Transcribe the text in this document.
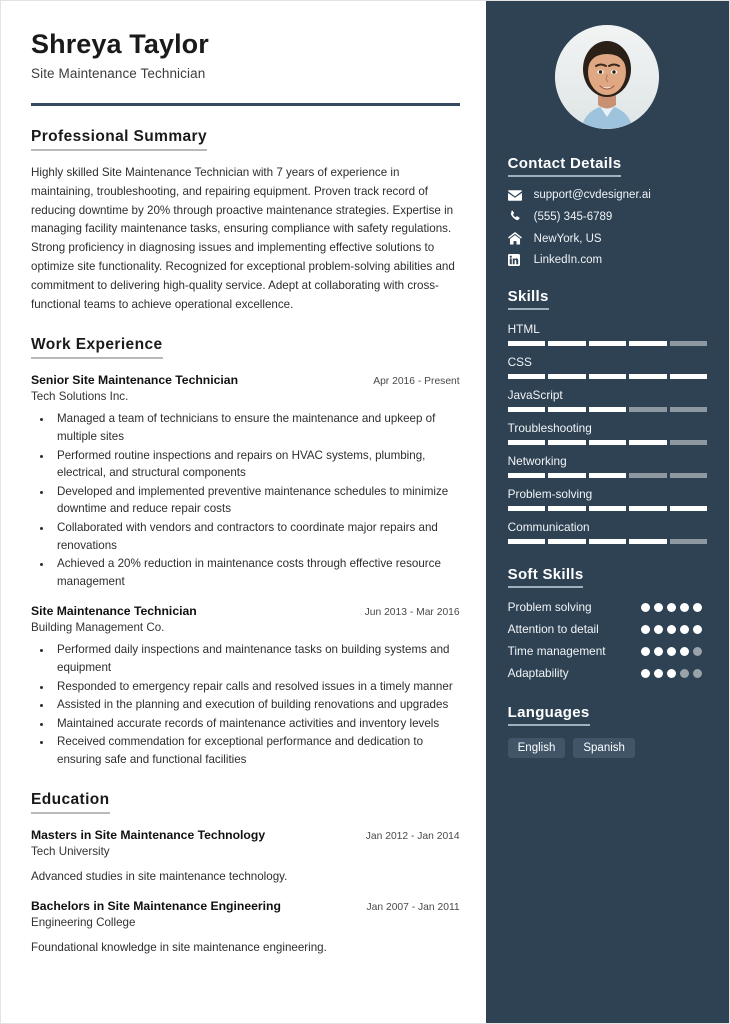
Shreya Taylor
Site Maintenance Technician
Professional Summary

Highly skilled Site Maintenance Technician with 7 years of experience in maintaining, troubleshooting, and repairing equipment. Proven track record of reducing downtime by 20% through proactive maintenance strategies. Expertise in managing facility maintenance tasks, ensuring compliance with safety regulations. Strong proficiency in diagnosing issues and implementing effective solutions to optimize site functionality. Recognized for exceptional problem-solving abilities and commitment to delivering high-quality service. Adept at collaborating with cross-functional teams to achieve operational excellence.

Work Experience
Senior Site Maintenance Technician	Apr 2016 - Present
Tech Solutions Inc.
• Managed a team of technicians to ensure the maintenance and upkeep of multiple sites
• Performed routine inspections and repairs on HVAC systems, plumbing, electrical, and structural components
• Developed and implemented preventive maintenance schedules to minimize downtime and reduce repair costs
• Collaborated with vendors and contractors to coordinate major repairs and renovations
• Achieved a 20% reduction in maintenance costs through effective resource management
Site Maintenance Technician	Jun 2013 - Mar 2016
Building Management Co.
• Performed daily inspections and maintenance tasks on building systems and equipment
• Responded to emergency repair calls and resolved issues in a timely manner
• Assisted in the planning and execution of building renovations and upgrades
• Maintained accurate records of maintenance activities and inventory levels
• Received commendation for exceptional performance and dedication to ensuring safe and functional facilities
Education
Masters in Site Maintenance Technology	Jan 2012 - Jan 2014
Tech University
Advanced studies in site maintenance technology.
Bachelors in Site Maintenance Engineering	Jan 2007 - Jan 2011
Engineering College
Foundational knowledge in site maintenance engineering.
Contact Details
support@cvdesigner.ai
(555) 345-6789
NewYork, US
LinkedIn.com
Skills
HTML
CSS
JavaScript
Troubleshooting
Networking
Problem-solving
Communication
Soft Skills
Problem solving
Attention to detail
Time management
Adaptability
Languages
English	Spanish
